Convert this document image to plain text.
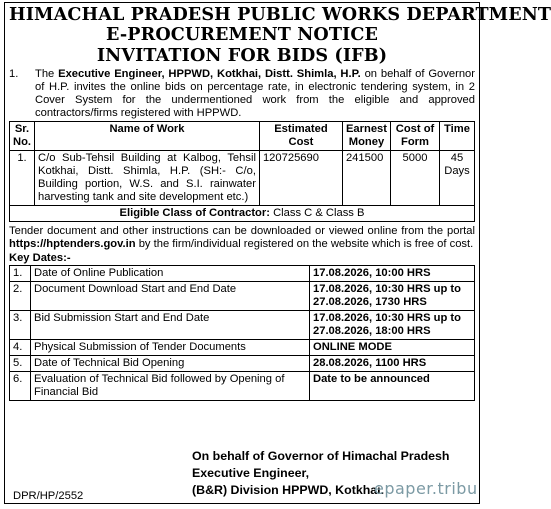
HIMACHAL PRADESH PUBLIC WORKS DEPARTMENT
E-PROCUREMENT NOTICE
INVITATION FOR BIDS (IFB)
1.	The Executive Engineer, HPPWD, Kotkhai, Distt. Shimla, H.P. on behalf of Governor of H.P. invites the online bids on percentage rate, in electronic tendering system, in 2 Cover System for the undermentioned work from the eligible and approved contractors/firms registered with HPPWD.
Sr. No.	Name of Work	Estimated Cost	Earnest Money	Cost of Form	Time
1.	C/o Sub-Tehsil Building at Kalbog, Tehsil Kotkhai, Distt. Shimla, H.P. (SH:- C/o, Building portion, W.S. and S.I. rainwater harvesting tank and site development etc.)	120725690	241500	5000	45 Days
Eligible Class of Contractor: Class C & Class B					
Tender document and other instructions can be downloaded or viewed online from the portal https://hptenders.gov.in by the firm/individual registered on the website which is free of cost.
Key Dates:-
1.	Date of Online Publication	17.08.2026, 10:00 HRS
2.	Document Download Start and End Date	17.08.2026, 10:30 HRS up to 27.08.2026, 1730 HRS
3.	Bid Submission Start and End Date	17.08.2026, 10:30 HRS up to 27.08.2026, 18:00 HRS
4.	Physical Submission of Tender Documents	ONLINE MODE
5.	Date of Technical Bid Opening	28.08.2026, 1100 HRS
6.	Evaluation of Technical Bid followed by Opening of Financial Bid	Date to be announced
On behalf of Governor of Himachal Pradesh
Executive Engineer,
(B&R) Division HPPWD, Kotkhai.
DPR/HP/2552	epaper.tribu
